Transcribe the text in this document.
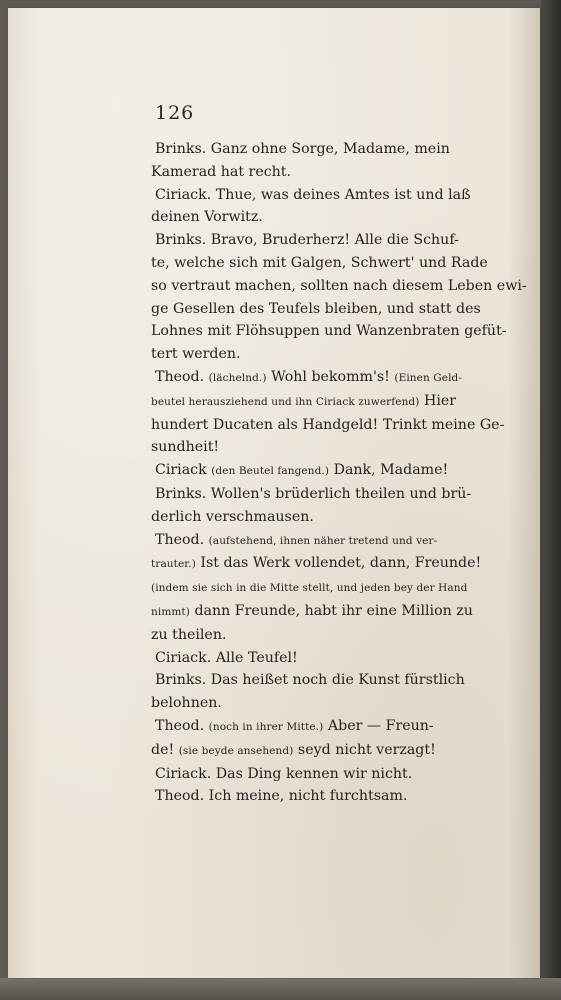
126
Brinks. Ganz ohne Sorge, Madame, mein
Kamerad hat recht.
Ciriack. Thue, was deines Amtes ist und laß
deinen Vorwitz.
Brinks. Bravo, Bruderherz! Alle die Schuf-
te, welche sich mit Galgen, Schwert' und Rade
so vertraut machen, sollten nach diesem Leben ewi-
ge Gesellen des Teufels bleiben, und statt des
Lohnes mit Flöhsuppen und Wanzenbraten gefüt-
tert werden.
Theod. (lächelnd.) Wohl bekomm's! (Einen Geld-
beutel herausziehend und ihn Ciriack zuwerfend) Hier
hundert Ducaten als Handgeld! Trinkt meine Ge-
sundheit!
Ciriack (den Beutel fangend.) Dank, Madame!
Brinks. Wollen's brüderlich theilen und brü-
derlich verschmausen.
Theod. (aufstehend, ihnen näher tretend und ver-
trauter.) Ist das Werk vollendet, dann, Freunde!
(indem sie sich in die Mitte stellt, und jeden bey der Hand
nimmt) dann Freunde, habt ihr eine Million zu
zu theilen.
Ciriack. Alle Teufel!
Brinks. Das heißet noch die Kunst fürstlich
belohnen.
Theod. (noch in ihrer Mitte.) Aber — Freun-
de! (sie beyde ansehend) seyd nicht verzagt!
Ciriack. Das Ding kennen wir nicht.
Theod. Ich meine, nicht furchtsam.
